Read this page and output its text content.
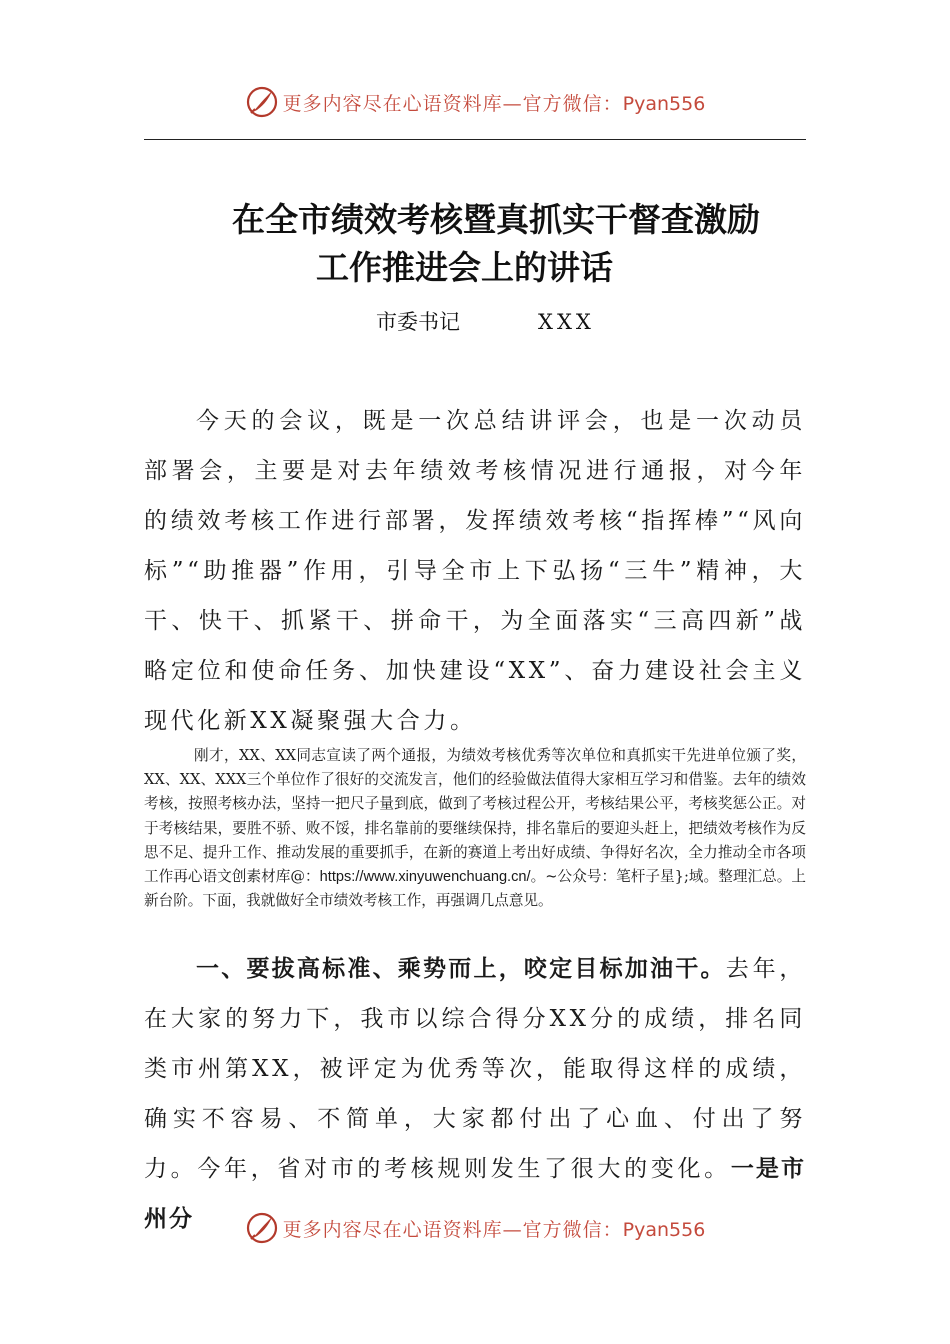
更多内容尽在心语资料库—官方微信：Pyan556
在全市绩效考核暨真抓实干督查激励
工作推进会上的讲话
市委书记	XXX

今天的会议，既是一次总结讲评会，也是一次动员部署会，主要是对去年绩效考核情况进行通报，对今年的绩效考核工作进行部署，发挥绩效考核“指挥棒”“风向标”“助推器”作用，引导全市上下弘扬“三牛”精神，大干、快干、抓紧干、拼命干，为全面落实“三高四新”战略定位和使命任务、加快建设“XX”、奋力建设社会主义现代化新XX凝聚强大合力。

刚才，XX、XX同志宣读了两个通报，为绩效考核优秀等次单位和真抓实干先进单位颁了奖，XX、XX、XXX三个单位作了很好的交流发言，他们的经验做法值得大家相互学习和借鉴。去年的绩效考核，按照考核办法，坚持一把尺子量到底，做到了考核过程公开，考核结果公平，考核奖惩公正。对于考核结果，要胜不骄、败不馁，排名靠前的要继续保持，排名靠后的要迎头赶上，把绩效考核作为反思不足、提升工作、推动发展的重要抓手，在新的赛道上考出好成绩、争得好名次，全力推动全市各项工作再心语文创素材库@：https://www.xinyuwenchuang.cn/。~公众号：笔杆子星};域。整理汇总。上新台阶。下面，我就做好全市绩效考核工作，再强调几点意见。

一、要拔高标准、乘势而上，咬定目标加油干。去年，在大家的努力下，我市以综合得分XX分的成绩，排名同类市州第XX，被评定为优秀等次，能取得这样的成绩，确实不容易、不简单，大家都付出了心血、付出了努力。今年，省对市的考核规则发生了很大的变化。一是市州分	更多内容尽在心语资料库—官方微信：Pyan556
